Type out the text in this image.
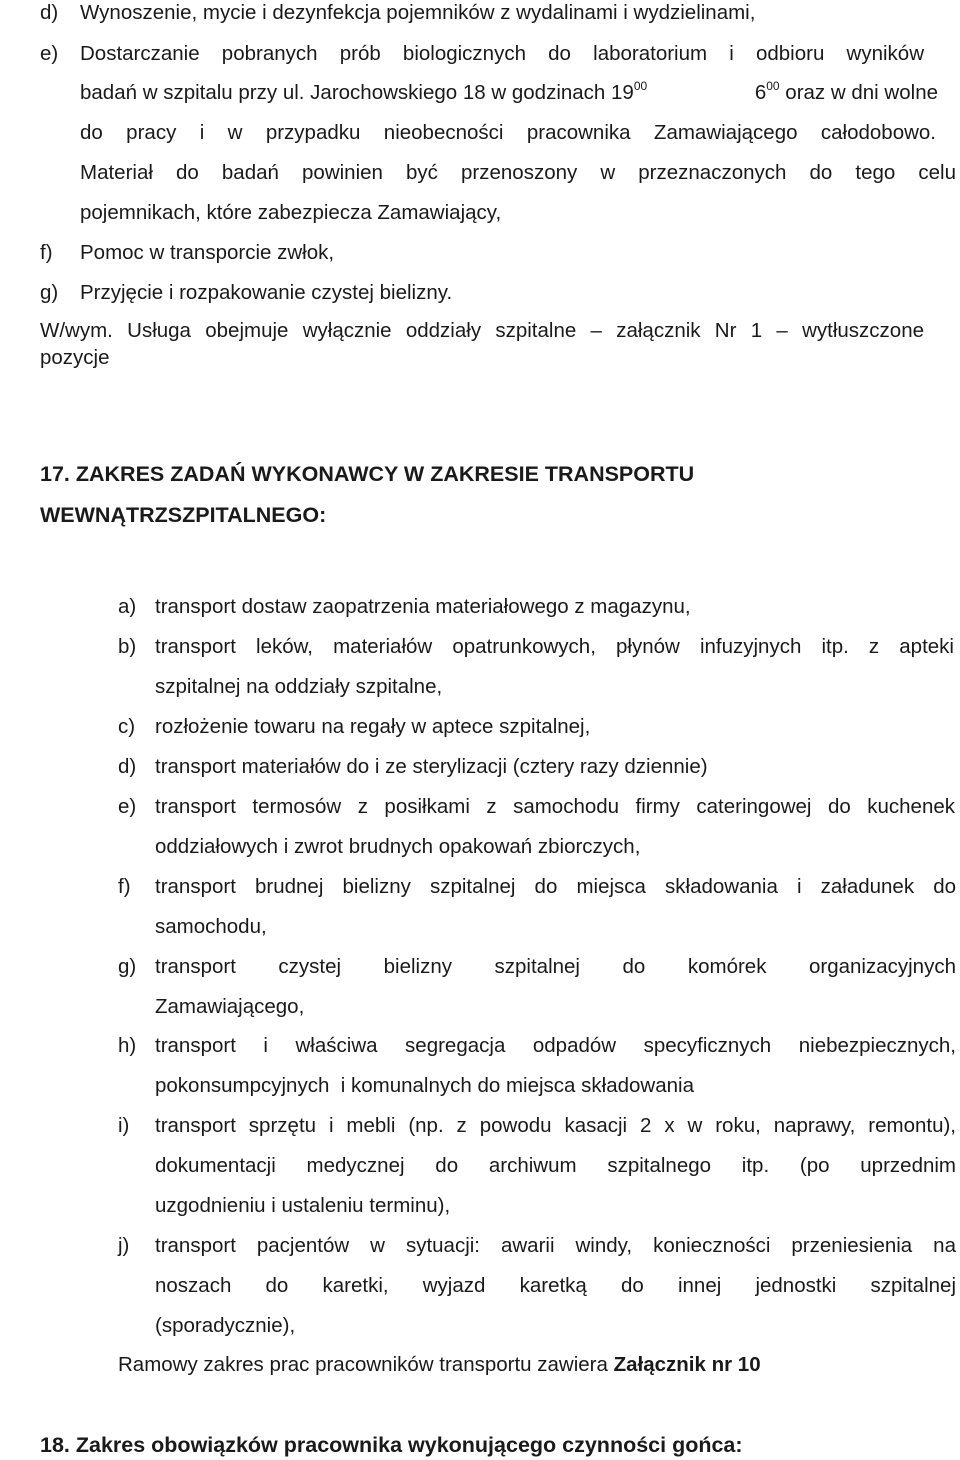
d) Wynoszenie, mycie i dezynfekcja pojemników z wydalinami i wydzielinami,
e) Dostarczanie pobranych prób biologicznych do laboratorium i odbioru wyników
badań w szpitalu przy ul. Jarochowskiego 18 w godzinach $19^{00}$	$6^{00}$ oraz w dni wolne
do pracy i w przypadku nieobecności pracownika Zamawiającego całodobowo.
Materiał do badań powinien być przenoszony w przeznaczonych do tego celu
pojemnikach, które zabezpiecza Zamawiający,
f) Pomoc w transporcie zwłok,
g) Przyjęcie i rozpakowanie czystej bielizny.
W/wym. Usługa obejmuje wyłącznie oddziały szpitalne – załącznik Nr 1 – wytłuszczone
pozycje
17. ZAKRES ZADAŃ WYKONAWCY W ZAKRESIE TRANSPORTU
WEWNĄTRZSZPITALNEGO:
a) transport dostaw zaopatrzenia materiałowego z magazynu,
b) transport leków, materiałów opatrunkowych, płynów infuzyjnych itp. z apteki
szpitalnej na oddziały szpitalne,
c) rozłożenie towaru na regały w aptece szpitalnej,
d) transport materiałów do i ze sterylizacji (cztery razy dziennie)
e) transport termosów z posiłkami z samochodu firmy cateringowej do kuchenek
oddziałowych i zwrot brudnych opakowań zbiorczych,
f) transport brudnej bielizny szpitalnej do miejsca składowania i załadunek do
samochodu,
g) transport czystej bielizny szpitalnej do komórek organizacyjnych
Zamawiającego,
h) transport i właściwa segregacja odpadów specyficznych niebezpiecznych,
pokonsumpcyjnych  i komunalnych do miejsca składowania
i) transport sprzętu i mebli (np. z powodu kasacji 2 x w roku, naprawy, remontu),
dokumentacji medycznej do archiwum szpitalnego itp. (po uprzednim
uzgodnieniu i ustaleniu terminu),
j) transport pacjentów w sytuacji: awarii windy, konieczności przeniesienia na
noszach do karetki, wyjazd karetką do innej jednostki szpitalnej
(sporadycznie),
Ramowy zakres prac pracowników transportu zawiera Załącznik nr 10
18. Zakres obowiązków pracownika wykonującego czynności gońca:
